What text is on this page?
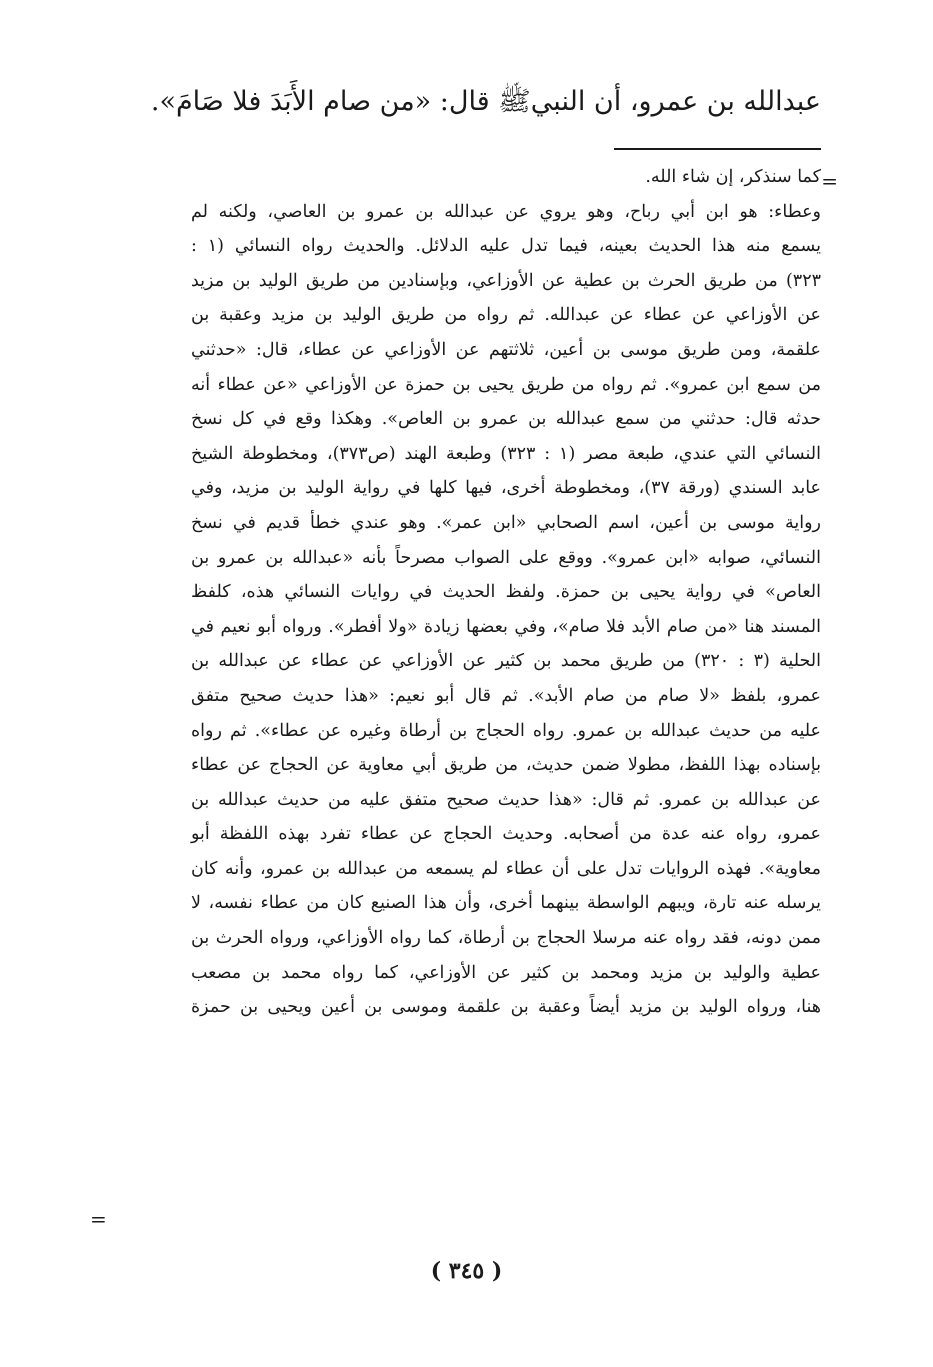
عبدالله بن عمرو، أن النبيﷺ قال: «من صام الأَبَدَ فلا صَامَ».
=
كما سنذكر، إن شاء الله.
وعطاء: هو ابن أبي رباح، وهو يروي عن عبدالله بن عمرو بن العاصي، ولكنه لم
يسمع منه هذا الحديث بعينه، فيما تدل عليه الدلائل. والحديث رواه النسائي (١ :
٣٢٣) من طريق الحرث بن عطية عن الأوزاعي، وبإسنادين من طريق الوليد بن مزيد
عن الأوزاعي عن عطاء عن عبدالله. ثم رواه من طريق الوليد بن مزيد وعقبة بن
علقمة، ومن طريق موسى بن أعين، ثلاثتهم عن الأوزاعي عن عطاء، قال: «حدثني
من سمع ابن عمرو». ثم رواه من طريق يحيى بن حمزة عن الأوزاعي «عن عطاء أنه
حدثه قال: حدثني من سمع عبدالله بن عمرو بن العاص». وهكذا وقع في كل نسخ
النسائي التي عندي، طبعة مصر (١ : ٣٢٣) وطبعة الهند (ص٣٧٣)، ومخطوطة الشيخ
عابد السندي (ورقة ٣٧)، ومخطوطة أخرى، فيها كلها في رواية الوليد بن مزيد، وفي
رواية موسى بن أعين، اسم الصحابي «ابن عمر». وهو عندي خطأ قديم في نسخ
النسائي، صوابه «ابن عمرو». ووقع على الصواب مصرحاً بأنه «عبدالله بن عمرو بن
العاص» في رواية يحيى بن حمزة. ولفظ الحديث في روايات النسائي هذه، كلفظ
المسند هنا «من صام الأبد فلا صام»، وفي بعضها زيادة «ولا أفطر». ورواه أبو نعيم في
الحلية (٣ : ٣٢٠) من طريق محمد بن كثير عن الأوزاعي عن عطاء عن عبدالله بن
عمرو، بلفظ «لا صام من صام الأبد». ثم قال أبو نعيم: «هذا حديث صحيح متفق
عليه من حديث عبدالله بن عمرو. رواه الحجاج بن أرطاة وغيره عن عطاء». ثم رواه
بإسناده بهذا اللفظ، مطولا ضمن حديث، من طريق أبي معاوية عن الحجاج عن عطاء
عن عبدالله بن عمرو. ثم قال: «هذا حديث صحيح متفق عليه من حديث عبدالله بن
عمرو، رواه عنه عدة من أصحابه. وحديث الحجاج عن عطاء تفرد بهذه اللفظة أبو
معاوية». فهذه الروايات تدل على أن عطاء لم يسمعه من عبدالله بن عمرو، وأنه كان
يرسله عنه تارة، ويبهم الواسطة بينهما أخرى، وأن هذا الصنيع كان من عطاء نفسه، لا
ممن دونه، فقد رواه عنه مرسلا الحجاج بن أرطاة، كما رواه الأوزاعي، ورواه الحرث بن
عطية والوليد بن مزيد ومحمد بن كثير عن الأوزاعي، كما رواه محمد بن مصعب
هنا، ورواه الوليد بن مزيد أيضاً وعقبة بن علقمة وموسى بن أعين ويحيى بن حمزة
=
( ٣٤٥ )
